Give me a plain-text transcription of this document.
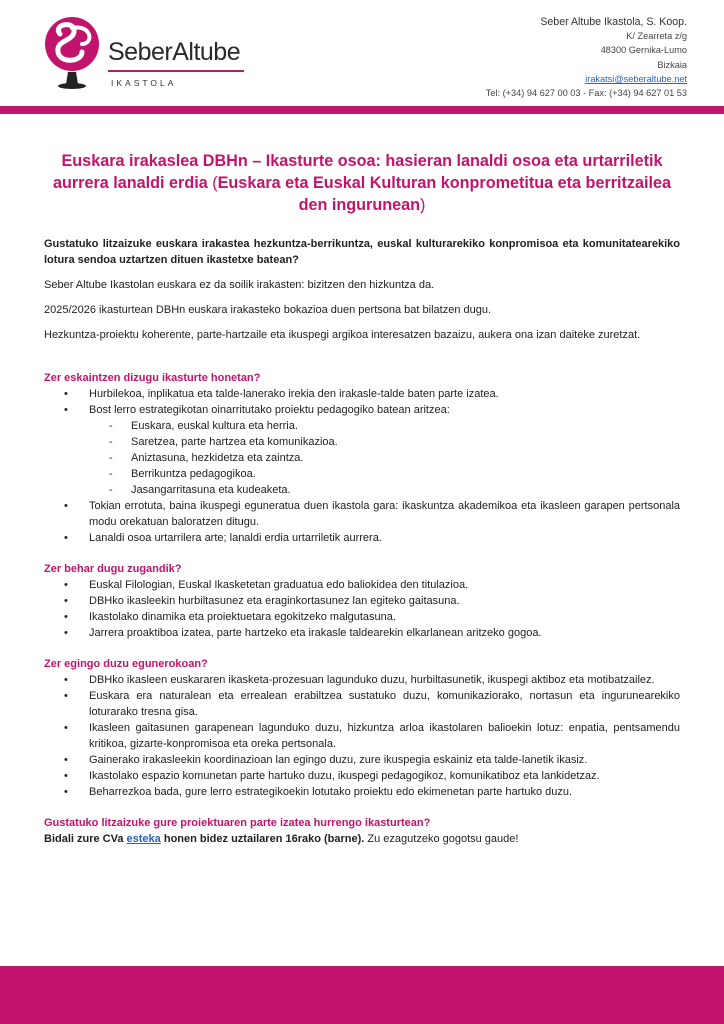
SeberAltube
IKASTOLA
Seber Altube Ikastola, S. Koop.
K/ Zearreta z/g
48300 Gernika-Lumo
Bizkaia
irakatsi@seberaltube.net
Tel: (+34) 94 627 00 03 · Fax: (+34) 94 627 01 53
Euskara irakaslea DBHn – Ikasturte osoa: hasieran lanaldi osoa eta urtarriletik aurrera lanaldi erdia (Euskara eta Euskal Kulturan konprometitua eta berritzailea den ingurunean)

Gustatuko litzaizuke euskara irakastea hezkuntza-berrikuntza, euskal kulturarekiko konpromisoa eta komunitatearekiko lotura sendoa uztartzen dituen ikastetxe batean?

Seber Altube Ikastolan euskara ez da soilik irakasten: bizitzen den hizkuntza da.

2025/2026 ikasturtean DBHn euskara irakasteko bokazioa duen pertsona bat bilatzen dugu.

Hezkuntza-proiektu koherente, parte-hartzaile eta ikuspegi argikoa interesatzen bazaizu, aukera ona izan daiteke zuretzat.

Zer eskaintzen dizugu ikasturte honetan?
• Hurbilekoa, inplikatua eta talde-lanerako irekia den irakasle-talde baten parte izatea.
• Bost lerro estrategikotan oinarritutako proiektu pedagogiko batean aritzea:
- Euskara, euskal kultura eta herria.
- Saretzea, parte hartzea eta komunikazioa.
- Aniztasuna, hezkidetza eta zaintza.
- Berrikuntza pedagogikoa.
- Jasangarritasuna eta kudeaketa.
• Tokian errotuta, baina ikuspegi eguneratua duen ikastola gara: ikaskuntza akademikoa eta ikasleen garapen pertsonala modu orekatuan baloratzen ditugu.
• Lanaldi osoa urtarrilera arte; lanaldi erdia urtarriletik aurrera.
Zer behar dugu zugandik?
• Euskal Filologian, Euskal Ikasketetan graduatua edo baliokidea den titulazioa.
• DBHko ikasleekin hurbiltasunez eta eraginkortasunez lan egiteko gaitasuna.
• Ikastolako dinamika eta proiektuetara egokitzeko malgutasuna.
• Jarrera proaktiboa izatea, parte hartzeko eta irakasle taldearekin elkarlanean aritzeko gogoa.
Zer egingo duzu egunerokoan?
• DBHko ikasleen euskararen ikasketa-prozesuan lagunduko duzu, hurbiltasunetik, ikuspegi aktiboz eta motibatzailez.
• Euskara era naturalean eta errealean erabiltzea sustatuko duzu, komunikaziorako, nortasun eta ingurunearekiko loturarako tresna gisa.
• Ikasleen gaitasunen garapenean lagunduko duzu, hizkuntza arloa ikastolaren balioekin lotuz: enpatia, pentsamendu kritikoa, gizarte-konpromisoa eta oreka pertsonala.
• Gainerako irakasleekin koordinazioan lan egingo duzu, zure ikuspegia eskainiz eta talde-lanetik ikasiz.
• Ikastolako espazio komunetan parte hartuko duzu, ikuspegi pedagogikoz, komunikatiboz eta lankidetzaz.
• Beharrezkoa bada, gure lerro estrategikoekin lotutako proiektu edo ekimenetan parte hartuko duzu.
Gustatuko litzaizuke gure proiektuaren parte izatea hurrengo ikasturtean?
Bidali zure CVa esteka honen bidez uztailaren 16rako (barne). Zu ezagutzeko gogotsu gaude!
